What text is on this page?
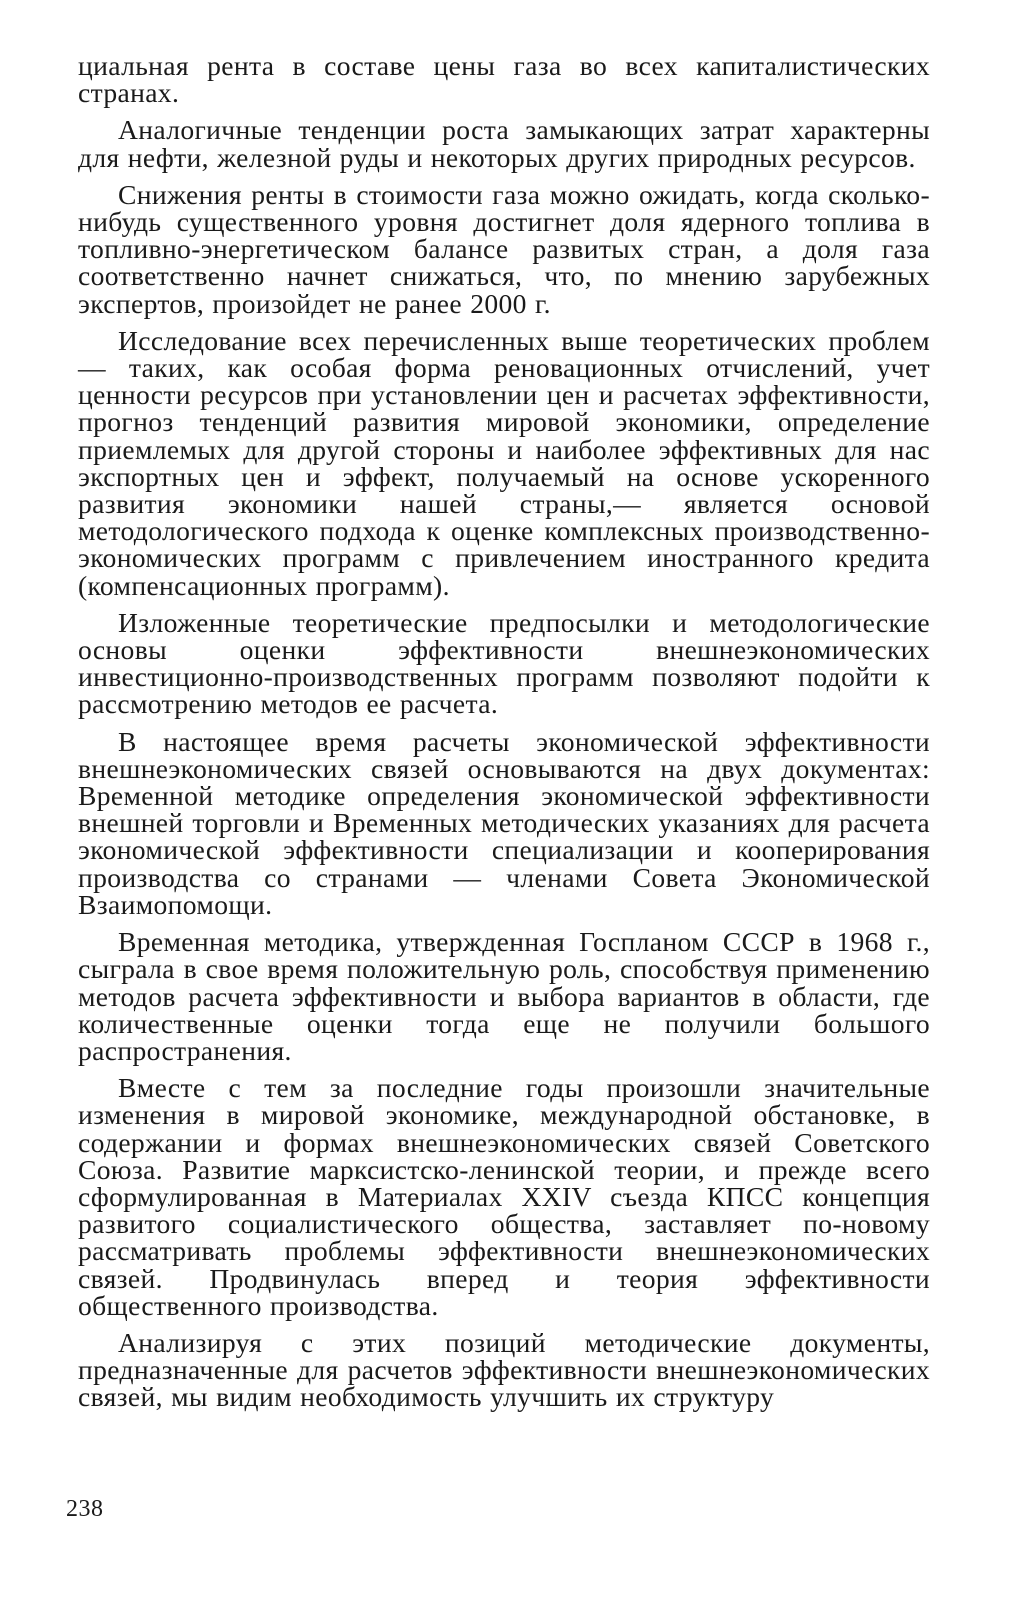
циальная рента в составе цены газа во всех капиталистических странах.

Аналогичные тенденции роста замыкающих затрат характерны для нефти, железной руды и некоторых других природных ресурсов.

Снижения ренты в стоимости газа можно ожидать, когда сколько-нибудь существенного уровня достигнет доля ядерного топлива в топливно-энергетическом балансе развитых стран, а доля газа соответственно начнет снижаться, что, по мнению зарубежных экспертов, произойдет не ранее 2000 г.

Исследование всех перечисленных выше теоретических проблем — таких, как особая форма реновационных отчислений, учет ценности ресурсов при установлении цен и расчетах эффективности, прогноз тенденций развития мировой экономики, определение приемлемых для другой стороны и наиболее эффективных для нас экспортных цен и эффект, получаемый на основе ускоренного развития экономики нашей страны,— является основой методологического подхода к оценке комплексных производственно-экономических программ с привлечением иностранного кредита (компенсационных программ).

Изложенные теоретические предпосылки и методологические основы оценки эффективности внешнеэкономических инвестиционно-производственных программ позволяют подойти к рассмотрению методов ее расчета.

В настоящее время расчеты экономической эффективности внешнеэкономических связей основываются на двух документах: Временной методике определения экономической эффективности внешней торговли и Временных методических указаниях для расчета экономической эффективности специализации и кооперирования производства со странами — членами Совета Экономической Взаимопомощи.

Временная методика, утвержденная Госпланом СССР в 1968 г., сыграла в свое время положительную роль, способствуя применению методов расчета эффективности и выбора вариантов в области, где количественные оценки тогда еще не получили большого распространения.

Вместе с тем за последние годы произошли значительные изменения в мировой экономике, международной обстановке, в содержании и формах внешнеэкономических связей Советского Союза. Развитие марксистско-ленинской теории, и прежде всего сформулированная в Материалах XXIV съезда КПСС концепция развитого социалистического общества, заставляет по-новому рассматривать проблемы эффективности внешнеэкономических связей. Продвинулась вперед и теория эффективности общественного производства.

Анализируя с этих позиций методические документы, предназначенные для расчетов эффективности внешнеэкономических связей, мы видим необходимость улучшить их структуру

238
